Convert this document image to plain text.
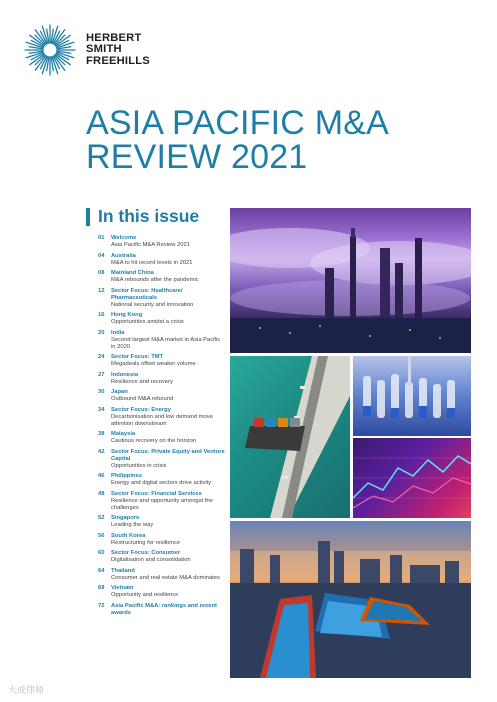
HERBERT
SMITH
FREEHILLS
ASIA PACIFIC M&A
REVIEW 2021
In this issue
01 Welcome
Asia Pacific M&A Review 2021
04 Australia
M&A to hit record levels in 2021
08 Mainland China
M&A rebounds after the pandemic
12 Sector Focus: Healthcare/ Pharmaceuticals
National security and innovation
16 Hong Kong
Opportunities amidst a crisis
20 India
Second largest M&A market in Asia Pacific in 2020
24 Sector Focus: TMT
Megadeals offset weaker volume
27 Indonesia
Resilience and recovery
30 Japan
Outbound M&A rebound
34 Sector Focus: Energy
Decarbonisation and low demand move attention downstream
38 Malaysia
Cautious recovery on the horizon
42 Sector Focus: Private Equity and Venture Capital
Opportunities in crisis
46 Philippines
Energy and digital sectors drive activity
48 Sector Focus: Financial Services
Resilience and opportunity amongst the challenges
52 Singapore
Leading the way
56 South Korea
Restructuring for resilience
60 Sector Focus: Consumer
Digitalisation and consolidation
64 Thailand
Consumer and real estate M&A dominates
68 Vietnam
Opportunity and resilience
72 Asia Pacific M&A: rankings and recent awards
大成律师
